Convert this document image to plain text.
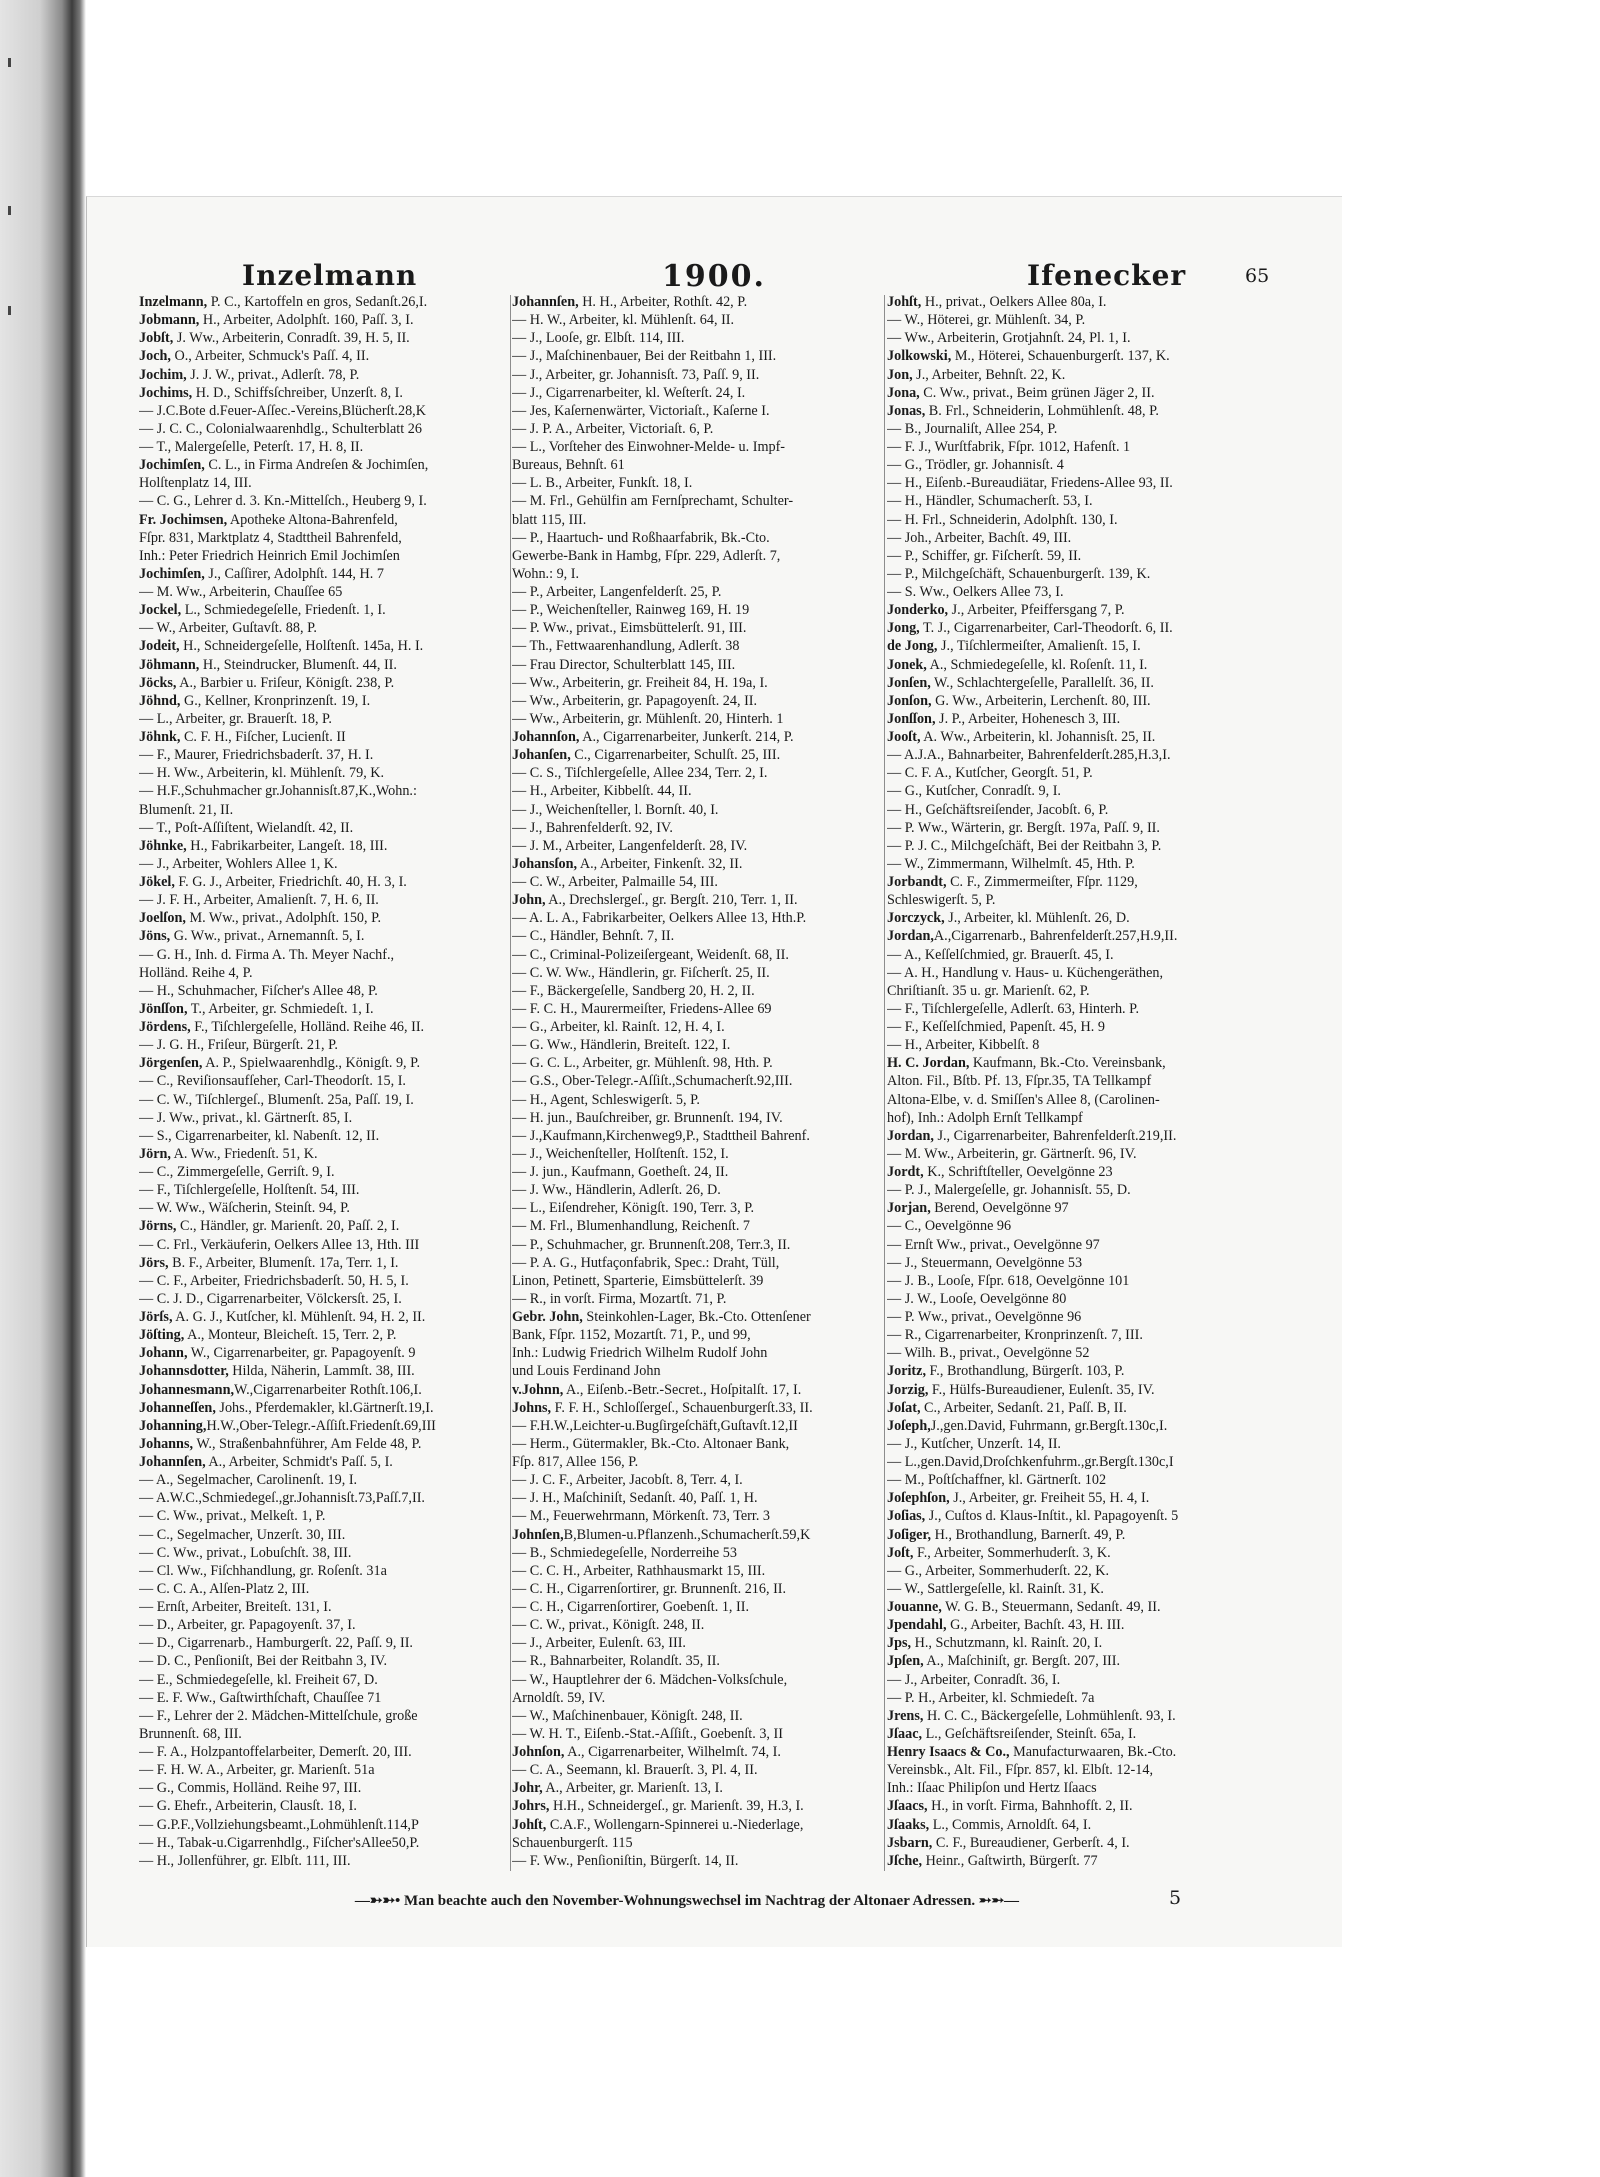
Inzelmann	1900.	Ifenecker	65
Inzelmann, P. C., Kartoffeln en gros, Sedanſt.26,I.
Jobmann, H., Arbeiter, Adolphſt. 160, Paſſ. 3, I.
Jobſt, J. Ww., Arbeiterin, Conradſt. 39, H. 5, II.
Joch, O., Arbeiter, Schmuck's Paſſ. 4, II.
Jochim, J. J. W., privat., Adlerſt. 78, P.
Jochims, H. D., Schiffsſchreiber, Unzerſt. 8, I.
— J.C.Bote d.Feuer-Aſſec.-Vereins,Blücherſt.28,K
— J. C. C., Colonialwaarenhdlg., Schulterblatt 26
— T., Malergeſelle, Peterſt. 17, H. 8, II.
Jochimſen, C. L., in Firma Andreſen & Jochimſen,
Holſtenplatz 14, III.
— C. G., Lehrer d. 3. Kn.-Mittelſch., Heuberg 9, I.
Fr. Jochimsen, Apotheke Altona-Bahrenfeld,
Fſpr. 831, Marktplatz 4, Stadttheil Bahrenfeld,
Inh.: Peter Friedrich Heinrich Emil Jochimſen
Jochimſen, J., Caſſirer, Adolphſt. 144, H. 7
— M. Ww., Arbeiterin, Chauſſee 65
Jockel, L., Schmiedegeſelle, Friedenſt. 1, I.
— W., Arbeiter, Guſtavſt. 88, P.
Jodeit, H., Schneidergeſelle, Holſtenſt. 145a, H. I.
Jöhmann, H., Steindrucker, Blumenſt. 44, II.
Jöcks, A., Barbier u. Friſeur, Königſt. 238, P.
Jöhnd, G., Kellner, Kronprinzenſt. 19, I.
— L., Arbeiter, gr. Brauerſt. 18, P.
Jöhnk, C. F. H., Fiſcher, Lucienſt. II
— F., Maurer, Friedrichsbaderſt. 37, H. I.
— H. Ww., Arbeiterin, kl. Mühlenſt. 79, K.
— H.F.,Schuhmacher gr.Johannisſt.87,K.,Wohn.:
Blumenſt. 21, II.
— T., Poſt-Aſſiſtent, Wielandſt. 42, II.
Jöhnke, H., Fabrikarbeiter, Langeſt. 18, III.
— J., Arbeiter, Wohlers Allee 1, K.
Jökel, F. G. J., Arbeiter, Friedrichſt. 40, H. 3, I.
— J. F. H., Arbeiter, Amalienſt. 7, H. 6, II.
Joelſon, M. Ww., privat., Adolphſt. 150, P.
Jöns, G. Ww., privat., Arnemannſt. 5, I.
— G. H., Inh. d. Firma A. Th. Meyer Nachf.,
Holländ. Reihe 4, P.
— H., Schuhmacher, Fiſcher's Allee 48, P.
Jönſſon, T., Arbeiter, gr. Schmiedeſt. 1, I.
Jördens, F., Tiſchlergeſelle, Holländ. Reihe 46, II.
— J. G. H., Friſeur, Bürgerſt. 21, P.
Jörgenſen, A. P., Spielwaarenhdlg., Königſt. 9, P.
— C., Reviſionsaufſeher, Carl-Theodorſt. 15, I.
— C. W., Tiſchlergeſ., Blumenſt. 25a, Paſſ. 19, I.
— J. Ww., privat., kl. Gärtnerſt. 85, I.
— S., Cigarrenarbeiter, kl. Nabenſt. 12, II.
Jörn, A. Ww., Friedenſt. 51, K.
— C., Zimmergeſelle, Gerriſt. 9, I.
— F., Tiſchlergeſelle, Holſtenſt. 54, III.
— W. Ww., Wäſcherin, Steinſt. 94, P.
Jörns, C., Händler, gr. Marienſt. 20, Paſſ. 2, I.
— C. Frl., Verkäuferin, Oelkers Allee 13, Hth. III
Jörs, B. F., Arbeiter, Blumenſt. 17a, Terr. 1, I.
— C. F., Arbeiter, Friedrichsbaderſt. 50, H. 5, I.
— C. J. D., Cigarrenarbeiter, Völckersſt. 25, I.
Jörſs, A. G. J., Kutſcher, kl. Mühlenſt. 94, H. 2, II.
Jöſting, A., Monteur, Bleicheſt. 15, Terr. 2, P.
Johann, W., Cigarrenarbeiter, gr. Papagoyenſt. 9
Johannsdotter, Hilda, Näherin, Lammſt. 38, III.
Johannesmann,W.,Cigarrenarbeiter Rothſt.106,I.
Johanneſſen, Johs., Pferdemakler, kl.Gärtnerſt.19,I.
Johanning,H.W.,Ober-Telegr.-Aſſiſt.Friedenſt.69,III
Johanns, W., Straßenbahnführer, Am Felde 48, P.
Johannſen, A., Arbeiter, Schmidt's Paſſ. 5, I.
— A., Segelmacher, Carolinenſt. 19, I.
— A.W.C.,Schmiedegeſ.,gr.Johannisſt.73,Paſſ.7,II.
— C. Ww., privat., Melkeſt. 1, P.
— C., Segelmacher, Unzerſt. 30, III.
— C. Ww., privat., Lobuſchſt. 38, III.
— Cl. Ww., Fiſchhandlung, gr. Roſenſt. 31a
— C. C. A., Alſen-Platz 2, III.
— Ernſt, Arbeiter, Breiteſt. 131, I.
— D., Arbeiter, gr. Papagoyenſt. 37, I.
— D., Cigarrenarb., Hamburgerſt. 22, Paſſ. 9, II.
— D. C., Penſioniſt, Bei der Reitbahn 3, IV.
— E., Schmiedegeſelle, kl. Freiheit 67, D.
— E. F. Ww., Gaſtwirthſchaft, Chauſſee 71
— F., Lehrer der 2. Mädchen-Mittelſchule, große
Brunnenſt. 68, III.
— F. A., Holzpantoffelarbeiter, Demerſt. 20, III.
— F. H. W. A., Arbeiter, gr. Marienſt. 51a
— G., Commis, Holländ. Reihe 97, III.
— G. Ehefr., Arbeiterin, Clausſt. 18, I.
— G.P.F.,Vollziehungsbeamt.,Lohmühlenſt.114,P
— H., Tabak-u.Cigarrenhdlg., Fiſcher'sAllee50,P.
— H., Jollenführer, gr. Elbſt. 111, III.
Johannſen, H. H., Arbeiter, Rothſt. 42, P.
— H. W., Arbeiter, kl. Mühlenſt. 64, II.
— J., Looſe, gr. Elbſt. 114, III.
— J., Maſchinenbauer, Bei der Reitbahn 1, III.
— J., Arbeiter, gr. Johannisſt. 73, Paſſ. 9, II.
— J., Cigarrenarbeiter, kl. Weſterſt. 24, I.
— Jes, Kaſernenwärter, Victoriaſt., Kaſerne I.
— J. P. A., Arbeiter, Victoriaſt. 6, P.
— L., Vorſteher des Einwohner-Melde- u. Impf-
Bureaus, Behnſt. 61
— L. B., Arbeiter, Funkſt. 18, I.
— M. Frl., Gehülfin am Fernſprechamt, Schulter-
blatt 115, III.
— P., Haartuch- und Roßhaarfabrik, Bk.-Cto.
Gewerbe-Bank in Hambg, Fſpr. 229, Adlerſt. 7,
Wohn.: 9, I.
— P., Arbeiter, Langenfelderſt. 25, P.
— P., Weichenſteller, Rainweg 169, H. 19
— P. Ww., privat., Eimsbüttelerſt. 91, III.
— Th., Fettwaarenhandlung, Adlerſt. 38
— Frau Director, Schulterblatt 145, III.
— Ww., Arbeiterin, gr. Freiheit 84, H. 19a, I.
— Ww., Arbeiterin, gr. Papagoyenſt. 24, II.
— Ww., Arbeiterin, gr. Mühlenſt. 20, Hinterh. 1
Johannſon, A., Cigarrenarbeiter, Junkerſt. 214, P.
Johanſen, C., Cigarrenarbeiter, Schulſt. 25, III.
— C. S., Tiſchlergeſelle, Allee 234, Terr. 2, I.
— H., Arbeiter, Kibbelſt. 44, II.
— J., Weichenſteller, l. Bornſt. 40, I.
— J., Bahrenfelderſt. 92, IV.
— J. M., Arbeiter, Langenfelderſt. 28, IV.
Johansſon, A., Arbeiter, Finkenſt. 32, II.
— C. W., Arbeiter, Palmaille 54, III.
John, A., Drechslergeſ., gr. Bergſt. 210, Terr. 1, II.
— A. L. A., Fabrikarbeiter, Oelkers Allee 13, Hth.P.
— C., Händler, Behnſt. 7, II.
— C., Criminal-Polizeiſergeant, Weidenſt. 68, II.
— C. W. Ww., Händlerin, gr. Fiſcherſt. 25, II.
— F., Bäckergeſelle, Sandberg 20, H. 2, II.
— F. C. H., Maurermeiſter, Friedens-Allee 69
— G., Arbeiter, kl. Rainſt. 12, H. 4, I.
— G. Ww., Händlerin, Breiteſt. 122, I.
— G. C. L., Arbeiter, gr. Mühlenſt. 98, Hth. P.
— G.S., Ober-Telegr.-Aſſiſt.,Schumacherſt.92,III.
— H., Agent, Schleswigerſt. 5, P.
— H. jun., Bauſchreiber, gr. Brunnenſt. 194, IV.
— J.,Kaufmann,Kirchenweg9,P., Stadttheil Bahrenf.
— J., Weichenſteller, Holſtenſt. 152, I.
— J. jun., Kaufmann, Goetheſt. 24, II.
— J. Ww., Händlerin, Adlerſt. 26, D.
— L., Eiſendreher, Königſt. 190, Terr. 3, P.
— M. Frl., Blumenhandlung, Reichenſt. 7
— P., Schuhmacher, gr. Brunnenſt.208, Terr.3, II.
— P. A. G., Hutfaçonfabrik, Spec.: Draht, Tüll,
Linon, Petinett, Sparterie, Eimsbüttelerſt. 39
— R., in vorſt. Firma, Mozartſt. 71, P.
Gebr. John, Steinkohlen-Lager, Bk.-Cto. Ottenſener
Bank, Fſpr. 1152, Mozartſt. 71, P., und 99,
Inh.: Ludwig Friedrich Wilhelm Rudolf John
und Louis Ferdinand John
v.Johnn, A., Eiſenb.-Betr.-Secret., Hoſpitalſt. 17, I.
Johns, F. F. H., Schloſſergeſ., Schauenburgerſt.33, II.
— F.H.W.,Leichter-u.Bugſirgeſchäft,Guſtavſt.12,II
— Herm., Gütermakler, Bk.-Cto. Altonaer Bank,
Fſp. 817, Allee 156, P.
— J. C. F., Arbeiter, Jacobſt. 8, Terr. 4, I.
— J. H., Maſchiniſt, Sedanſt. 40, Paſſ. 1, H.
— M., Feuerwehrmann, Mörkenſt. 73, Terr. 3
Johnſen,B,Blumen-u.Pflanzenh.,Schumacherſt.59,K
— B., Schmiedegeſelle, Norderreihe 53
— C. C. H., Arbeiter, Rathhausmarkt 15, III.
— C. H., Cigarrenſortirer, gr. Brunnenſt. 216, II.
— C. H., Cigarrenſortirer, Goebenſt. 1, II.
— C. W., privat., Königſt. 248, II.
— J., Arbeiter, Eulenſt. 63, III.
— R., Bahnarbeiter, Rolandſt. 35, II.
— W., Hauptlehrer der 6. Mädchen-Volksſchule,
Arnoldſt. 59, IV.
— W., Maſchinenbauer, Königſt. 248, II.
— W. H. T., Eiſenb.-Stat.-Aſſiſt., Goebenſt. 3, II
Johnſon, A., Cigarrenarbeiter, Wilhelmſt. 74, I.
— C. A., Seemann, kl. Brauerſt. 3, Pl. 4, II.
Johr, A., Arbeiter, gr. Marienſt. 13, I.
Johrs, H.H., Schneidergeſ., gr. Marienſt. 39, H.3, I.
Johſt, C.A.F., Wollengarn-Spinnerei u.-Niederlage,
Schauenburgerſt. 115
— F. Ww., Penſioniſtin, Bürgerſt. 14, II.
Johſt, H., privat., Oelkers Allee 80a, I.
— W., Höterei, gr. Mühlenſt. 34, P.
— Ww., Arbeiterin, Grotjahnſt. 24, Pl. 1, I.
Jolkowski, M., Höterei, Schauenburgerſt. 137, K.
Jon, J., Arbeiter, Behnſt. 22, K.
Jona, C. Ww., privat., Beim grünen Jäger 2, II.
Jonas, B. Frl., Schneiderin, Lohmühlenſt. 48, P.
— B., Journaliſt, Allee 254, P.
— F. J., Wurſtfabrik, Fſpr. 1012, Hafenſt. 1
— G., Trödler, gr. Johannisſt. 4
— H., Eiſenb.-Bureaudiätar, Friedens-Allee 93, II.
— H., Händler, Schumacherſt. 53, I.
— H. Frl., Schneiderin, Adolphſt. 130, I.
— Joh., Arbeiter, Bachſt. 49, III.
— P., Schiffer, gr. Fiſcherſt. 59, II.
— P., Milchgeſchäft, Schauenburgerſt. 139, K.
— S. Ww., Oelkers Allee 73, I.
Jonderko, J., Arbeiter, Pfeiffersgang 7, P.
Jong, T. J., Cigarrenarbeiter, Carl-Theodorſt. 6, II.
de Jong, J., Tiſchlermeiſter, Amalienſt. 15, I.
Jonek, A., Schmiedegeſelle, kl. Roſenſt. 11, I.
Jonſen, W., Schlachtergeſelle, Parallelſt. 36, II.
Jonſon, G. Ww., Arbeiterin, Lerchenſt. 80, III.
Jonſſon, J. P., Arbeiter, Hohenesch 3, III.
Jooſt, A. Ww., Arbeiterin, kl. Johannisſt. 25, II.
— A.J.A., Bahnarbeiter, Bahrenfelderſt.285,H.3,I.
— C. F. A., Kutſcher, Georgſt. 51, P.
— G., Kutſcher, Conradſt. 9, I.
— H., Geſchäftsreiſender, Jacobſt. 6, P.
— P. Ww., Wärterin, gr. Bergſt. 197a, Paſſ. 9, II.
— P. J. C., Milchgeſchäft, Bei der Reitbahn 3, P.
— W., Zimmermann, Wilhelmſt. 45, Hth. P.
Jorbandt, C. F., Zimmermeiſter, Fſpr. 1129,
Schleswigerſt. 5, P.
Jorczyck, J., Arbeiter, kl. Mühlenſt. 26, D.
Jordan,A.,Cigarrenarb., Bahrenfelderſt.257,H.9,II.
— A., Keſſelſchmied, gr. Brauerſt. 45, I.
— A. H., Handlung v. Haus- u. Küchengeräthen,
Chriſtianſt. 35 u. gr. Marienſt. 62, P.
— F., Tiſchlergeſelle, Adlerſt. 63, Hinterh. P.
— F., Keſſelſchmied, Papenſt. 45, H. 9
— H., Arbeiter, Kibbelſt. 8
H. C. Jordan, Kaufmann, Bk.-Cto. Vereinsbank,
Alton. Fil., Bſtb. Pf. 13, Fſpr.35, TA Tellkampf
Altona-Elbe, v. d. Smiſſen's Allee 8, (Carolinen-
hof), Inh.: Adolph Ernſt Tellkampf
Jordan, J., Cigarrenarbeiter, Bahrenfelderſt.219,II.
— M. Ww., Arbeiterin, gr. Gärtnerſt. 96, IV.
Jordt, K., Schriftſteller, Oevelgönne 23
— P. J., Malergeſelle, gr. Johannisſt. 55, D.
Jorjan, Berend, Oevelgönne 97
— C., Oevelgönne 96
— Ernſt Ww., privat., Oevelgönne 97
— J., Steuermann, Oevelgönne 53
— J. B., Looſe, Fſpr. 618, Oevelgönne 101
— J. W., Looſe, Oevelgönne 80
— P. Ww., privat., Oevelgönne 96
— R., Cigarrenarbeiter, Kronprinzenſt. 7, III.
— Wilh. B., privat., Oevelgönne 52
Joritz, F., Brothandlung, Bürgerſt. 103, P.
Jorzig, F., Hülfs-Bureaudiener, Eulenſt. 35, IV.
Joſat, C., Arbeiter, Sedanſt. 21, Paſſ. B, II.
Joſeph,J.,gen.David, Fuhrmann, gr.Bergſt.130c,I.
— J., Kutſcher, Unzerſt. 14, II.
— L.,gen.David,Droſchkenfuhrm.,gr.Bergſt.130c,I
— M., Poſtſchaffner, kl. Gärtnerſt. 102
Joſephſon, J., Arbeiter, gr. Freiheit 55, H. 4, I.
Joſias, J., Cuſtos d. Klaus-Inſtit., kl. Papagoyenſt. 5
Joſiger, H., Brothandlung, Barnerſt. 49, P.
Joſt, F., Arbeiter, Sommerhuderſt. 3, K.
— G., Arbeiter, Sommerhuderſt. 22, K.
— W., Sattlergeſelle, kl. Rainſt. 31, K.
Jouanne, W. G. B., Steuermann, Sedanſt. 49, II.
Jpendahl, G., Arbeiter, Bachſt. 43, H. III.
Jps, H., Schutzmann, kl. Rainſt. 20, I.
Jpſen, A., Maſchiniſt, gr. Bergſt. 207, III.
— J., Arbeiter, Conradſt. 36, I.
— P. H., Arbeiter, kl. Schmiedeſt. 7a
Jrens, H. C. C., Bäckergeſelle, Lohmühlenſt. 93, I.
Jſaac, L., Geſchäftsreiſender, Steinſt. 65a, I.
Henry Isaacs & Co., Manufacturwaaren, Bk.-Cto.
Vereinsbk., Alt. Fil., Fſpr. 857, kl. Elbſt. 12-14,
Inh.: Iſaac Philipſon und Hertz Iſaacs
Jſaacs, H., in vorſt. Firma, Bahnhofſt. 2, II.
Jſaaks, L., Commis, Arnoldſt. 64, I.
Jsbarn, C. F., Bureaudiener, Gerberſt. 4, I.
Jſche, Heinr., Gaſtwirth, Bürgerſt. 77
—➳➳• Man beachte auch den November-Wohnungswechsel im Nachtrag der Altonaer Adressen. ➵➵—	5
